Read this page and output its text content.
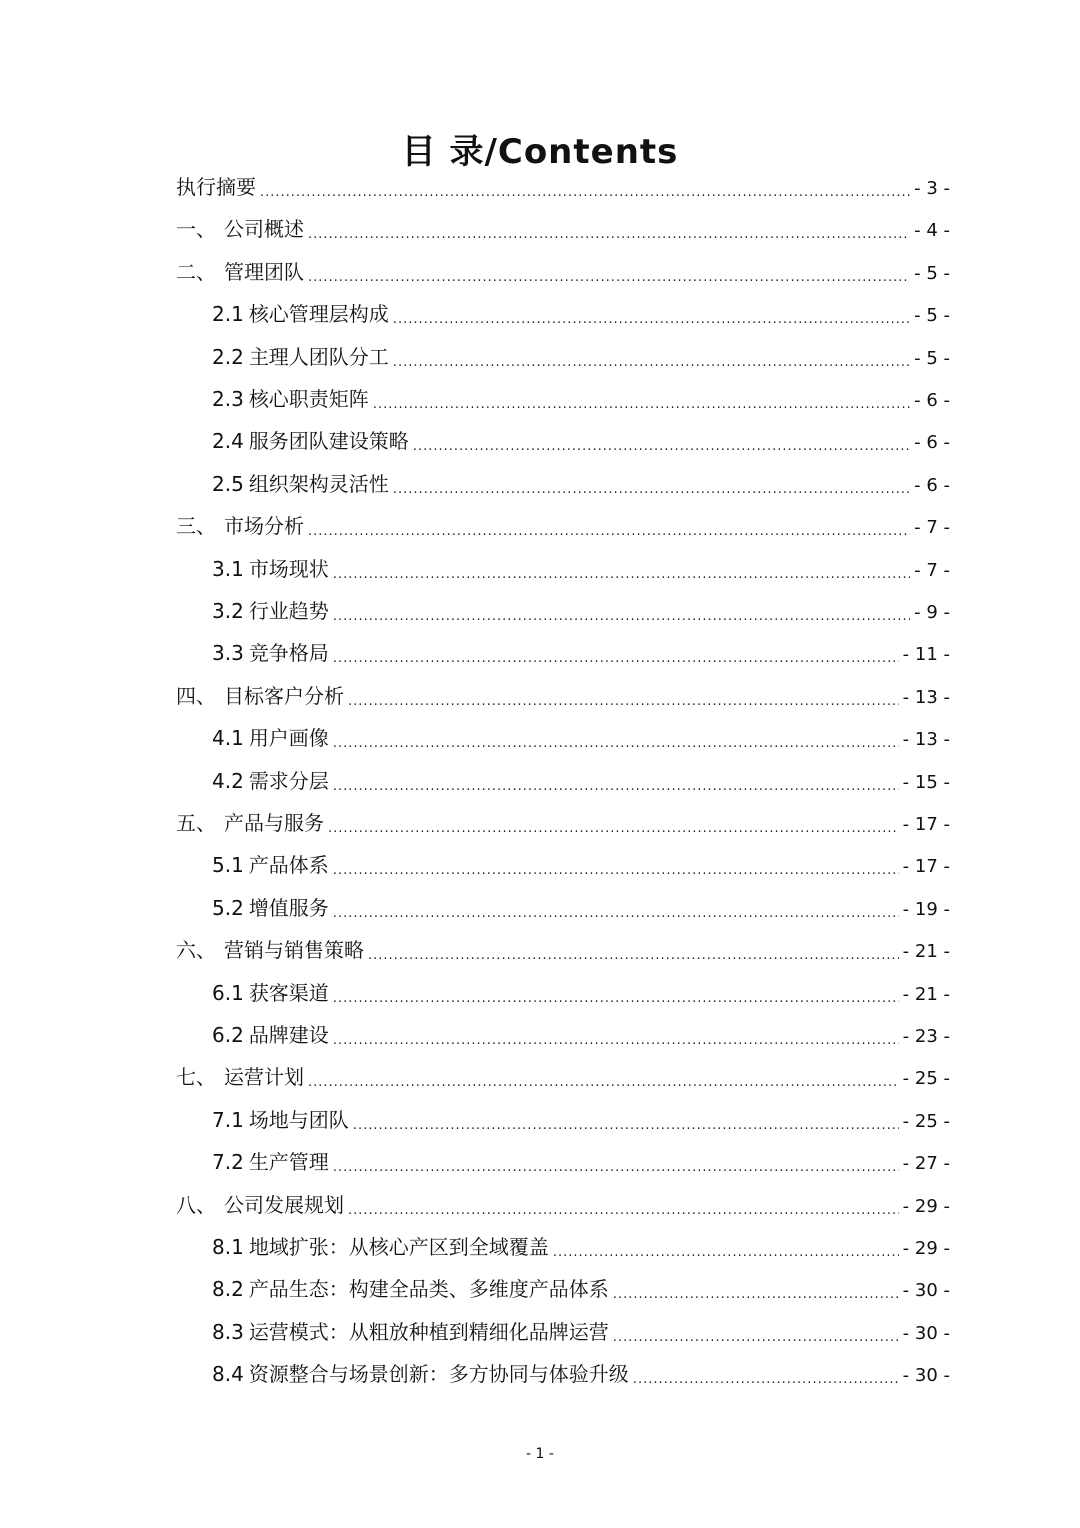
目 录/Contents
执行摘要 .....	- 3 -
一、 公司概述 .....	- 4 -
二、 管理团队 .....	- 5 -
2.1 核心管理层构成 .....	- 5 -
2.2 主理人团队分工 .....	- 5 -
2.3 核心职责矩阵 .....	- 6 -
2.4 服务团队建设策略 .....	- 6 -
2.5 组织架构灵活性 .....	- 6 -
三、 市场分析 .....	- 7 -
3.1 市场现状 .....	- 7 -
3.2 行业趋势 .....	- 9 -
3.3 竞争格局 .....	- 11 -
四、 目标客户分析 .....	- 13 -
4.1 用户画像 .....	- 13 -
4.2 需求分层 .....	- 15 -
五、 产品与服务 .....	- 17 -
5.1 产品体系 .....	- 17 -
5.2 增值服务 .....	- 19 -
六、 营销与销售策略 .....	- 21 -
6.1 获客渠道 .....	- 21 -
6.2 品牌建设 .....	- 23 -
七、 运营计划 .....	- 25 -
7.1 场地与团队 .....	- 25 -
7.2 生产管理 .....	- 27 -
八、 公司发展规划 .....	- 29 -
8.1 地域扩张：从核心产区到全域覆盖 .....	- 29 -
8.2 产品生态：构建全品类、多维度产品体系 .....	- 30 -
8.3 运营模式：从粗放种植到精细化品牌运营 .....	- 30 -
8.4 资源整合与场景创新：多方协同与体验升级 .....	- 30 -
- 1 -
